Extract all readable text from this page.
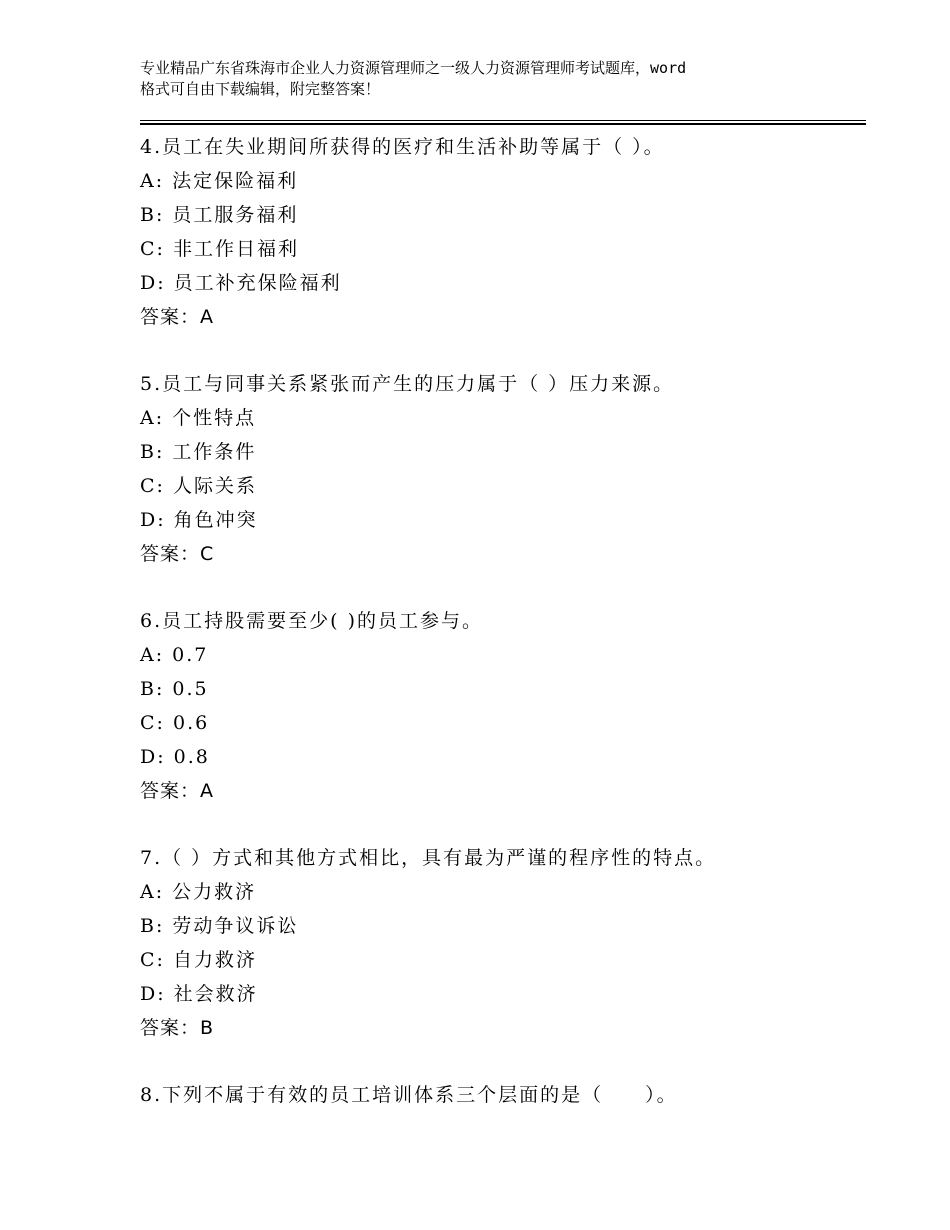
专业精品广东省珠海市企业人力资源管理师之一级人力资源管理师考试题库，word
格式可自由下载编辑，附完整答案！
4.员工在失业期间所获得的医疗和生活补助等属于（ ）。
A: 法定保险福利
B: 员工服务福利
C: 非工作日福利
D: 员工补充保险福利
答案：A
5.员工与同事关系紧张而产生的压力属于（ ）压力来源。
A: 个性特点
B: 工作条件
C: 人际关系
D: 角色冲突
答案：C
6.员工持股需要至少( )的员工参与。
A: 0.7
B: 0.5
C: 0.6
D: 0.8
答案：A
7.（ ）方式和其他方式相比，具有最为严谨的程序性的特点。
A: 公力救济
B: 劳动争议诉讼
C: 自力救济
D: 社会救济
答案：B
8.下列不属于有效的员工培训体系三个层面的是（　　）。
